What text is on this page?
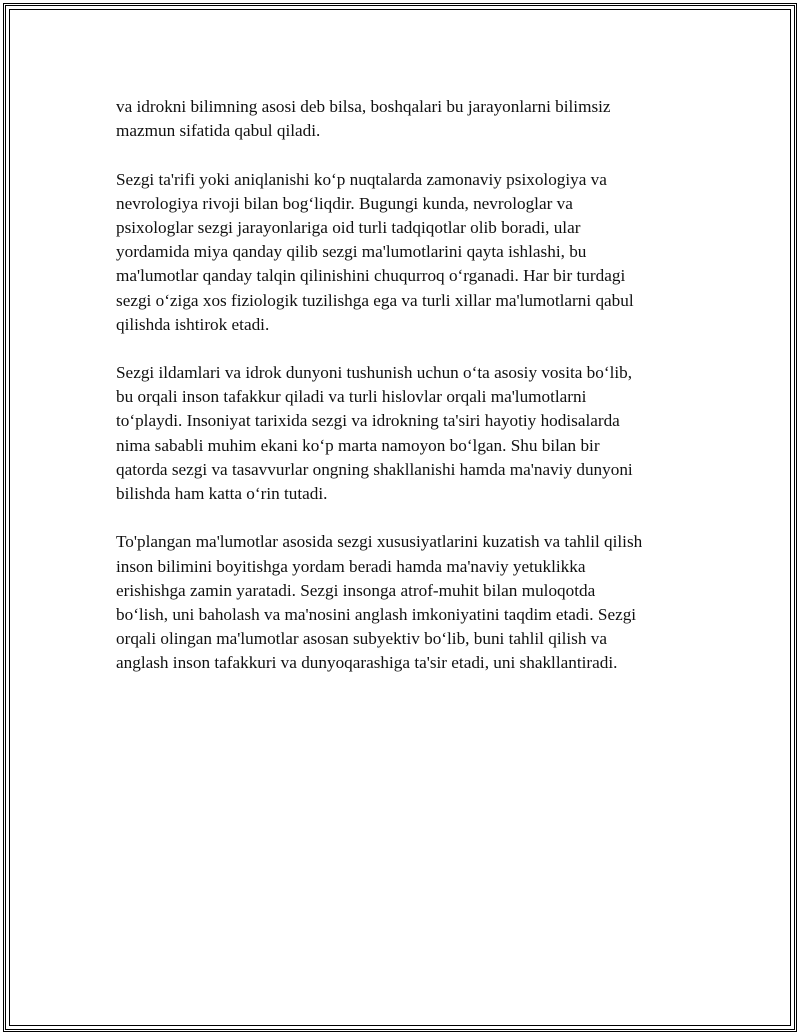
va idrokni bilimning asosi deb bilsa, boshqalari bu jarayonlarni bilimsiz
mazmun sifatida qabul qiladi.

Sezgi ta'rifi yoki aniqlanishi ko‘p nuqtalarda zamonaviy psixologiya va
nevrologiya rivoji bilan bog‘liqdir. Bugungi kunda, nevrologlar va
psixologlar sezgi jarayonlariga oid turli tadqiqotlar olib boradi, ular
yordamida miya qanday qilib sezgi ma'lumotlarini qayta ishlashi, bu
ma'lumotlar qanday talqin qilinishini chuqurroq o‘rganadi. Har bir turdagi
sezgi o‘ziga xos fiziologik tuzilishga ega va turli xillar ma'lumotlarni qabul
qilishda ishtirok etadi.

Sezgi ildamlari va idrok dunyoni tushunish uchun o‘ta asosiy vosita bo‘lib,
bu orqali inson tafakkur qiladi va turli hislovlar orqali ma'lumotlarni
to‘playdi. Insoniyat tarixida sezgi va idrokning ta'siri hayotiy hodisalarda
nima sababli muhim ekani ko‘p marta namoyon bo‘lgan. Shu bilan bir
qatorda sezgi va tasavvurlar ongning shakllanishi hamda ma'naviy dunyoni
bilishda ham katta o‘rin tutadi.

To'plangan ma'lumotlar asosida sezgi xususiyatlarini kuzatish va tahlil qilish
inson bilimini boyitishga yordam beradi hamda ma'naviy yetuklikka
erishishga zamin yaratadi. Sezgi insonga atrof-muhit bilan muloqotda
bo‘lish, uni baholash va ma'nosini anglash imkoniyatini taqdim etadi. Sezgi
orqali olingan ma'lumotlar asosan subyektiv bo‘lib, buni tahlil qilish va
anglash inson tafakkuri va dunyoqarashiga ta'sir etadi, uni shakllantiradi.
